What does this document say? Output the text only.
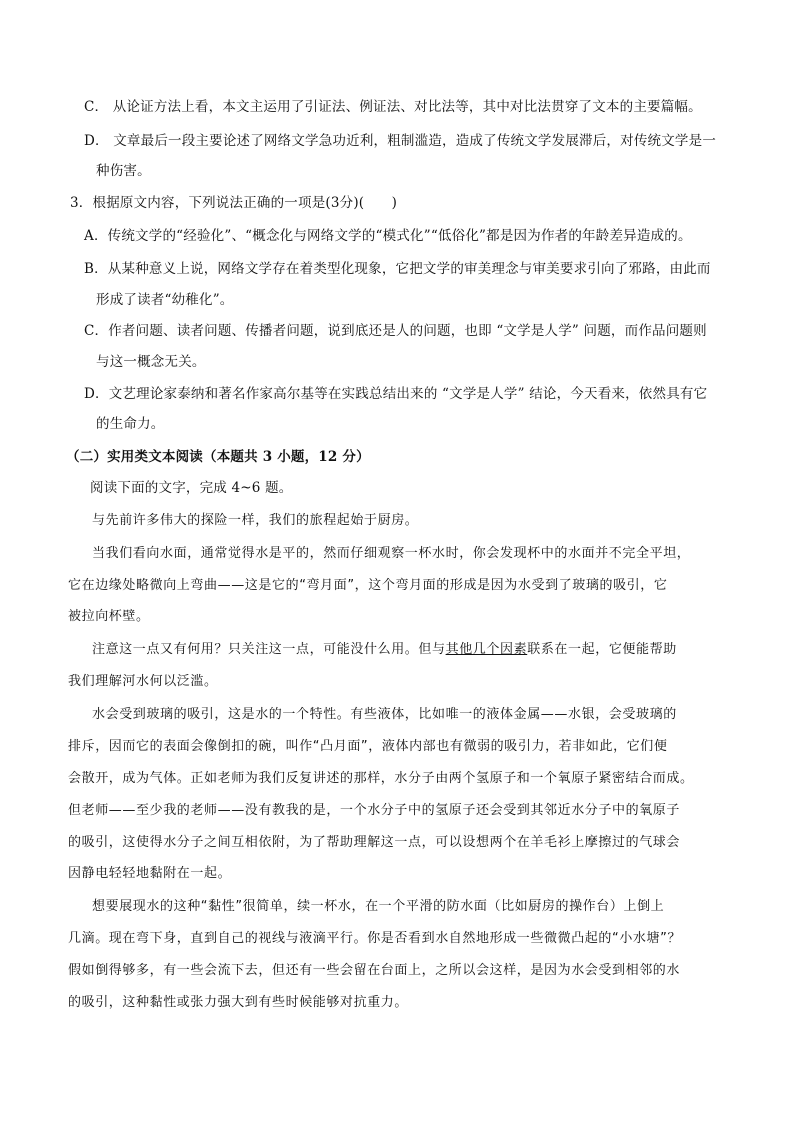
C． 从论证方法上看，本文主运用了引证法、例证法、对比法等，其中对比法贯穿了文本的主要篇幅。
D． 文章最后一段主要论述了网络文学急功近利，粗制滥造，造成了传统文学发展滞后，对传统文学是一
种伤害。
3．根据原文内容，下列说法正确的一项是(3分)(　　)
A．传统文学的“经验化”、“概念化与网络文学的“模式化”“低俗化”都是因为作者的年龄差异造成的。
B．从某种意义上说，网络文学存在着类型化现象，它把文学的审美理念与审美要求引向了邪路，由此而
形成了读者“幼稚化”。
C．作者问题、读者问题、传播者问题，说到底还是人的问题，也即 “文学是人学” 问题，而作品问题则
与这一概念无关。
D．文艺理论家泰纳和著名作家高尔基等在实践总结出来的 “文学是人学” 结论，今天看来，依然具有它
的生命力。
（二）实用类文本阅读（本题共 3 小题，12 分）
阅读下面的文字，完成 4~6 题。
与先前许多伟大的探险一样，我们的旅程起始于厨房。
当我们看向水面，通常觉得水是平的，然而仔细观察一杯水时，你会发现杯中的水面并不完全平坦，
它在边缘处略微向上弯曲——这是它的“弯月面”，这个弯月面的形成是因为水受到了玻璃的吸引，它
被拉向杯壁。
注意这一点又有何用？只关注这一点，可能没什么用。但与其他几个因素联系在一起，它便能帮助
我们理解河水何以泛滥。
水会受到玻璃的吸引，这是水的一个特性。有些液体，比如唯一的液体金属——水银，会受玻璃的
排斥，因而它的表面会像倒扣的碗，叫作“凸月面”，液体内部也有微弱的吸引力，若非如此，它们便
会散开，成为气体。正如老师为我们反复讲述的那样，水分子由两个氢原子和一个氧原子紧密结合而成。
但老师——至少我的老师——没有教我的是，一个水分子中的氢原子还会受到其邻近水分子中的氧原子
的吸引，这使得水分子之间互相依附，为了帮助理解这一点，可以设想两个在羊毛衫上摩擦过的气球会
因静电轻轻地黏附在一起。
想要展现水的这种“黏性”很简单，续一杯水，在一个平滑的防水面（比如厨房的操作台）上倒上
几滴。现在弯下身，直到自己的视线与液滴平行。你是否看到水自然地形成一些微微凸起的“小水塘”？
假如倒得够多，有一些会流下去，但还有一些会留在台面上，之所以会这样，是因为水会受到相邻的水
的吸引，这种黏性或张力强大到有些时候能够对抗重力。
